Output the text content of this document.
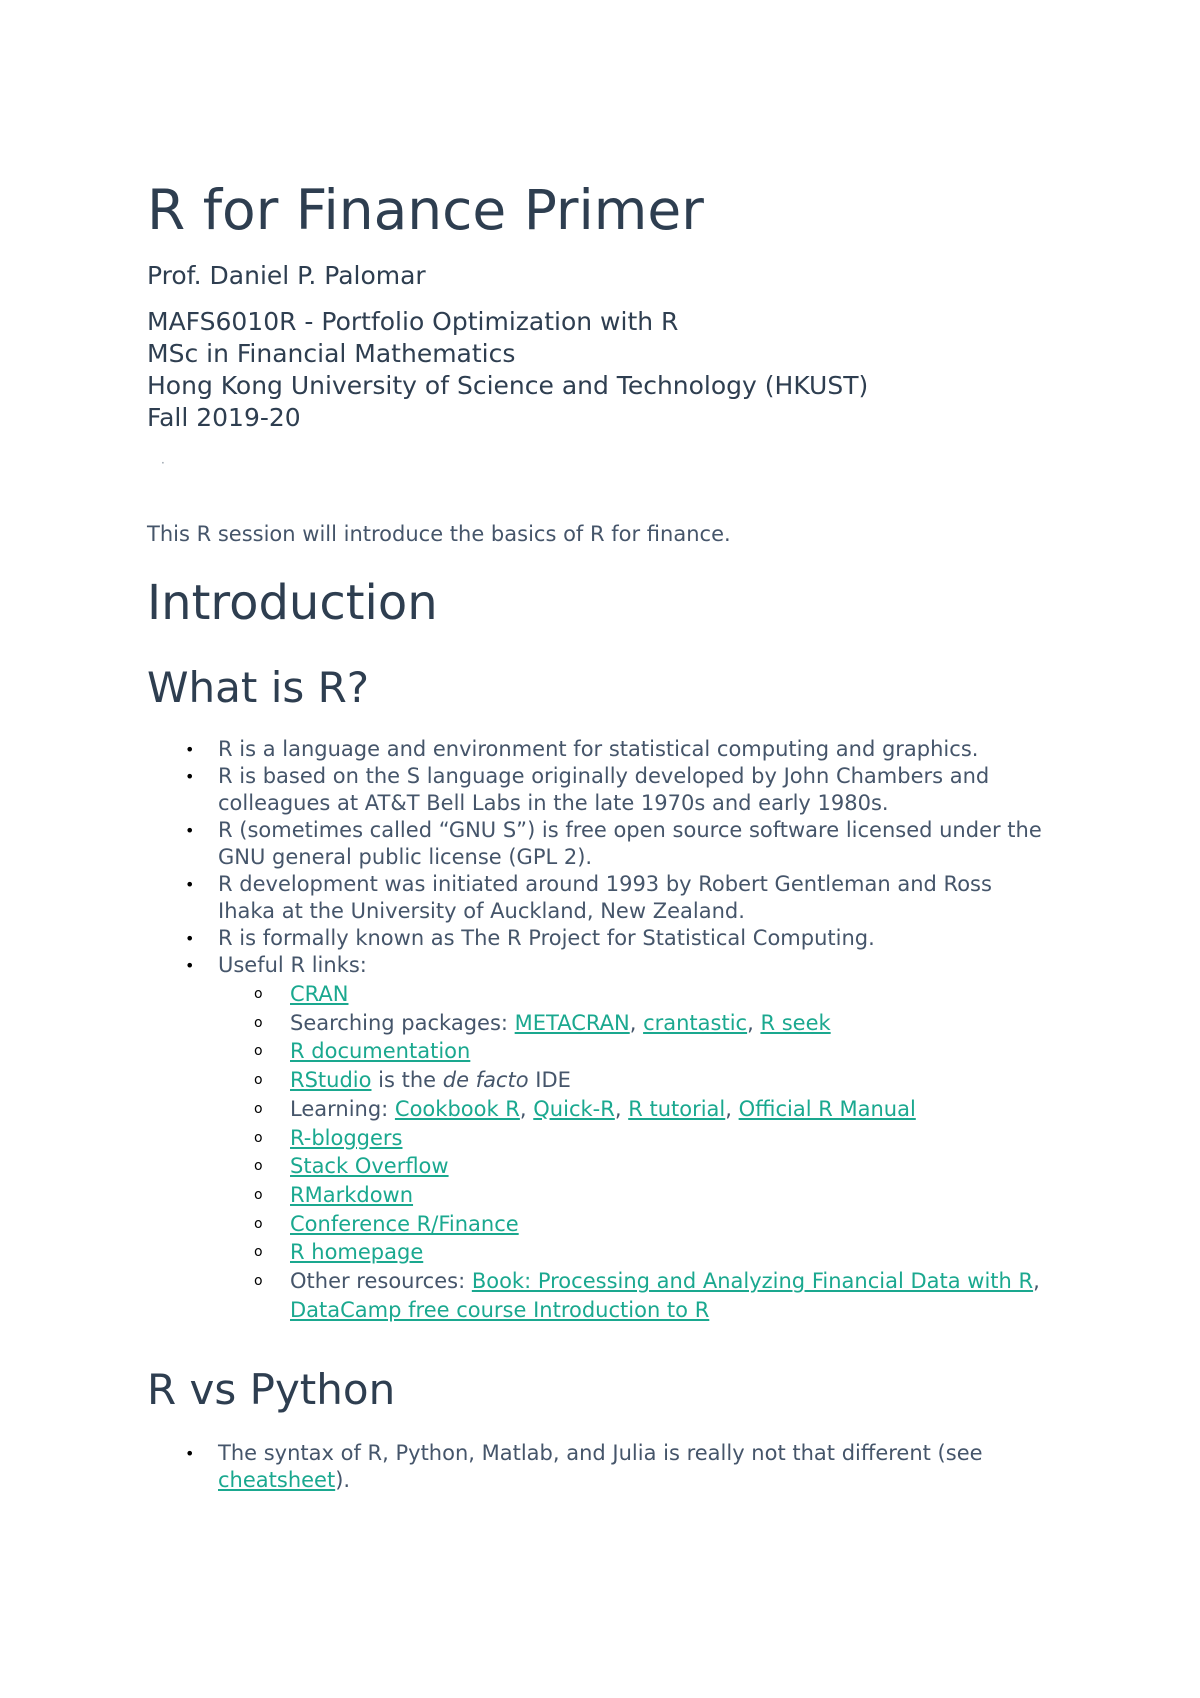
R for Finance Primer
Prof. Daniel P. Palomar
MAFS6010R - Portfolio Optimization with R
MSc in Financial Mathematics
Hong Kong University of Science and Technology (HKUST)
Fall 2019-20
·

This R session will introduce the basics of R for finance.

Introduction
What is R?
• R is a language and environment for statistical computing and graphics.
• R is based on the S language originally developed by John Chambers and colleagues at AT&T Bell Labs in the late 1970s and early 1980s.
• R (sometimes called “GNU S”) is free open source software licensed under the GNU general public license (GPL 2).
• R development was initiated around 1993 by Robert Gentleman and Ross Ihaka at the University of Auckland, New Zealand.
• R is formally known as The R Project for Statistical Computing.
• Useful R links:
o CRAN
o Searching packages: METACRAN, crantastic, R seek
o R documentation
o RStudio is the de facto IDE
o Learning: Cookbook R, Quick-R, R tutorial, Official R Manual
o R-bloggers
o Stack Overflow
o RMarkdown
o Conference R/Finance
o R homepage
o Other resources: Book: Processing and Analyzing Financial Data with R, DataCamp free course Introduction to R
R vs Python
• The syntax of R, Python, Matlab, and Julia is really not that different (see cheatsheet).
